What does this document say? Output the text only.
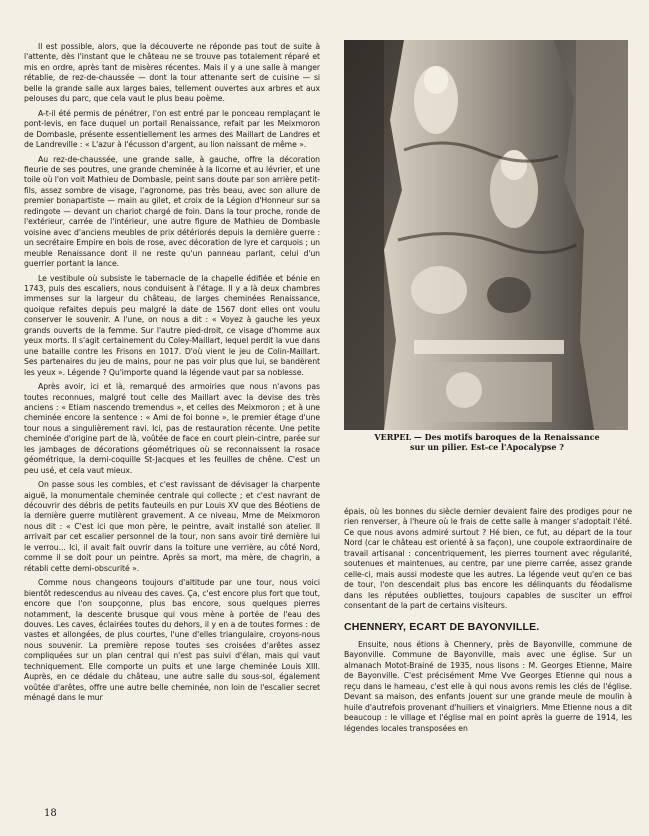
Il est possible, alors, que la découverte ne réponde pas tout de suite à l'attente, dès l'instant que le château ne se trouve pas totalement réparé et mis en ordre, après tant de misères récentes. Mais il y a une salle à manger rétablie, de rez-de-chaussée — dont la tour attenante sert de cuisine — si belle la grande salle aux larges baies, tellement ouvertes aux arbres et aux pelouses du parc, que cela vaut le plus beau poème.

A-t-il été permis de pénétrer, l'on est entré par le ponceau remplaçant le pont-levis, en face duquel un portail Renaissance, refait par les Meixmoron de Dombasle, présente essentiellement les armes des Maillart de Landres et de Landreville : « L'azur à l'écusson d'argent, au lion naissant de même ».

Au rez-de-chaussée, une grande salle, à gauche, offre la décoration fleurie de ses poutres, une grande cheminée à la licorne et au lévrier, et une toile où l'on voit Mathieu de Dombasle, peint sans doute par son arrière petit-fils, assez sombre de visage, l'agronome, pas très beau, avec son allure de premier bonapartiste — main au gilet, et croix de la Légion d'Honneur sur sa redingote — devant un chariot chargé de foin. Dans la tour proche, ronde de l'extérieur, carrée de l'intérieur, une autre figure de Mathieu de Dombasle voisine avec d'anciens meubles de prix détériorés depuis la dernière guerre : un secrétaire Empire en bois de rose, avec décoration de lyre et carquois ; un meuble Renaissance dont il ne reste qu'un panneau parlant, celui d'un guerrier portant la lance.

Le vestibule où subsiste le tabernacle de la chapelle édifiée et bénie en 1743, puis des escaliers, nous conduisent à l'étage. Il y a là deux chambres immenses sur la largeur du château, de larges cheminées Renaissance, quoique refaites depuis peu malgré la date de 1567 dont elles ont voulu conserver le souvenir. A l'une, on nous a dit : « Voyez à gauche les yeux grands ouverts de la femme. Sur l'autre pied-droit, ce visage d'homme aux yeux morts. Il s'agit certainement du Coley-Maillart, lequel perdit la vue dans une bataille contre les Frisons en 1017. D'où vient le jeu de Colin-Maillart. Ses partenaires du jeu de mains, pour ne pas voir plus que lui, se bandèrent les yeux ». Légende ? Qu'importe quand la légende vaut par sa noblesse.

Après avoir, ici et là, remarqué des armoiries que nous n'avons pas toutes reconnues, malgré tout celle des Maillart avec la devise des très anciens : « Etiam nascendo tremendus », et celles des Meixmoron ; et à une cheminée encore la sentence : « Ami de foi bonne », le premier étage d'une tour nous a singulièrement ravi. Ici, pas de restauration récente. Une petite cheminée d'origine part de là, voûtée de face en court plein-cintre, parée sur les jambages de décorations géométriques où se reconnaissent la rosace géométrique, la demi-coquille St-Jacques et les feuilles de chêne. C'est un peu usé, et cela vaut mieux.

On passe sous les combles, et c'est ravissant de dévisager la charpente aiguë, la monumentale cheminée centrale qui collecte ; et c'est navrant de découvrir des débris de petits fauteuils en pur Louis XV que des Béotiens de la dernière guerre mutilèrent gravement. A ce niveau, Mme de Meixmoron nous dit : « C'est ici que mon père, le peintre, avait installé son atelier. Il arrivait par cet escalier personnel de la tour, non sans avoir tiré dernière lui le verrou... Ici, il avait fait ouvrir dans la toiture une verrière, au côté Nord, comme il se doit pour un peintre. Après sa mort, ma mère, de chagrin, a rétabli cette demi-obscurité ».

Comme nous changeons toujours d'altitude par une tour, nous voici bientôt redescendus au niveau des caves. Ça, c'est encore plus fort que tout, encore que l'on soupçonne, plus bas encore, sous quelques pierres notamment, la descente brusque qui vous mène à portée de l'eau des douves. Les caves, éclairées toutes du dehors, il y en a de toutes formes : de vastes et allongées, de plus courtes, l'une d'elles triangulaire, croyons-nous nous souvenir. La première repose toutes ses croisées d'arêtes assez compliquées sur un plan central qui n'est pas suivi d'élan, mais qui vaut techniquement. Elle comporte un puits et une large cheminée Louis XIII. Auprès, en ce dédale du château, une autre salle du sous-sol, également voûtée d'arêtes, offre une autre belle cheminée, non loin de l'escalier secret ménagé dans le mur

VERPEL — Des motifs baroques de la Renaissance
sur un pilier. Est-ce l'Apocalypse ?

épais, où les bonnes du siècle dernier devaient faire des prodiges pour ne rien renverser, à l'heure où le frais de cette salle à manger s'adoptait l'été. Ce que nous avons admiré surtout ? Hé bien, ce fut, au départ de la tour Nord (car le château est orienté à sa façon), une coupole extraordinaire de travail artisanal : concentriquement, les pierres tournent avec régularité, soutenues et maintenues, au centre, par une pierre carrée, assez grande celle-ci, mais aussi modeste que les autres. La légende veut qu'en ce bas de tour, l'on descendait plus bas encore les délinquants du féodalisme dans les réputées oubliettes, toujours capables de susciter un effroi consentant de la part de certains visiteurs.

CHENNERY, ECART DE BAYONVILLE.

Ensuite, nous étions à Chennery, près de Bayonville, commune de Bayonville. Commune de Bayonville, mais avec une église. Sur un almanach Motot-Brainé de 1935, nous lisons : M. Georges Etienne, Maire de Bayonville. C'est précisément Mme Vve Georges Etienne qui nous a reçu dans le hameau, c'est elle à qui nous avons remis les clés de l'église. Devant sa maison, des enfants jouent sur une grande meule de moulin à huile d'autrefois provenant d'huiliers et vinaigriers. Mme Etienne nous a dit beaucoup : le village et l'église mal en point après la guerre de 1914, les légendes locales transposées en

18
